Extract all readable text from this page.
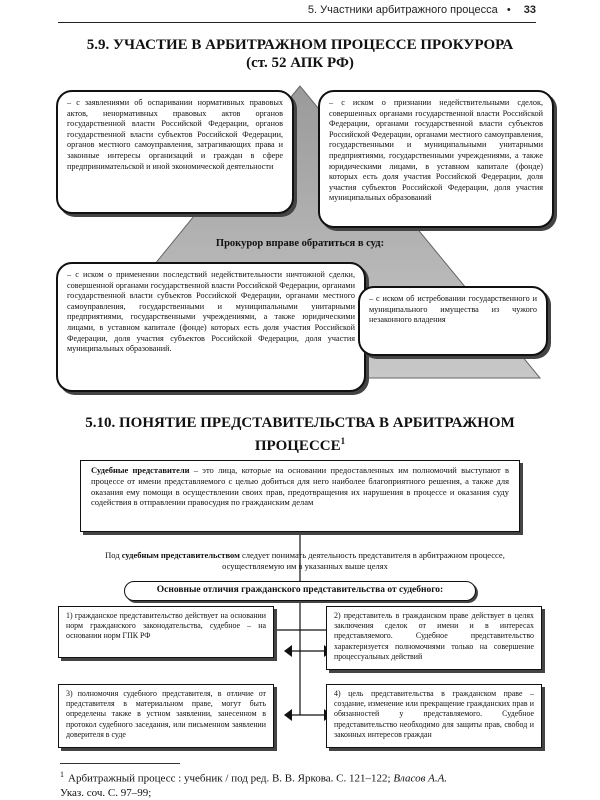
5. Участники арбитражного процесса • 33
5.9. УЧАСТИЕ В АРБИТРАЖНОМ ПРОЦЕССЕ ПРОКУРОРА
(ст. 52 АПК РФ)
– с заявлениями об оспаривании нормативных правовых актов, ненормативных правовых актов органов государственной власти Российской Федерации, органов государственной власти субъектов Российской Федерации, органов местного самоуправления, затрагивающих права и законные интересы организаций и граждан в сфере предпринимательской и иной экономической деятельности
– с иском о признании недействительными сделок, совершенных органами государственной власти Российской Федерации, органами государственной власти субъектов Российской Федерации, органами местного самоуправления, государственными и муниципальными унитарными предприятиями, государственными учреждениями, а также юридическими лицами, в уставном капитале (фонде) которых есть доля участия Российской Федерации, доля участия субъектов Российской Федерации, доля участия муниципальных образований
Прокурор вправе обратиться в суд:
– с иском о применении последствий недействительности ничтожной сделки, совершенной органами государственной власти Российской Федерации, органами государственной власти субъектов Российской Федерации, органами местного самоуправления, государственными и муниципальными унитарными предприятиями, государственными учреждениями, а также юридическими лицами, в уставном капитале (фонде) которых есть доля участия Российской Федерации, доля участия субъектов Российской Федерации, доля участия муниципальных образований.
– с иском об истребовании государственного и муниципального имущества из чужого незаконного владения
5.10. ПОНЯТИЕ ПРЕДСТАВИТЕЛЬСТВА В АРБИТРАЖНОМ
ПРОЦЕССЕ$^1$
Судебные представители – это лица, которые на основании предоставленных им полномочий выступают в процессе от имени представляемого с целью добиться для него наиболее благоприятного решения, а также для оказания ему помощи в осуществлении своих прав, предотвращения их нарушения в процессе и оказания суду содействия в отправлении правосудия по гражданским делам
Под судебным представительством следует понимать деятельность представителя в арбитражном процессе, осуществляемую им в указанных выше целях
Основные отличия гражданского представительства от судебного:
1) гражданское представительство действует на основании норм гражданского законодательства, судебное – на основании норм ГПК РФ
2) представитель в гражданском праве действует в целях заключения сделок от имени и в интересах представляемого. Судебное представительство характеризуется полномочиями только на совершение процессуальных действий
3) полномочия судебного представителя, в отличие от представителя в материальном праве, могут быть определены также в устном заявлении, занесенном в протокол судебного заседания, или письменном заявлении доверителя в суде
4) цель представительства в гражданском праве – создание, изменение или прекращение гражданских прав и обязанностей у представляемого. Судебное представительство необходимо для защиты прав, свобод и законных интересов граждан
$^1$ Арбитражный процесс : учебник / под ред. В. В. Яркова. С. 121–122; Власов А.А.
Указ. соч. С. 97–99;
